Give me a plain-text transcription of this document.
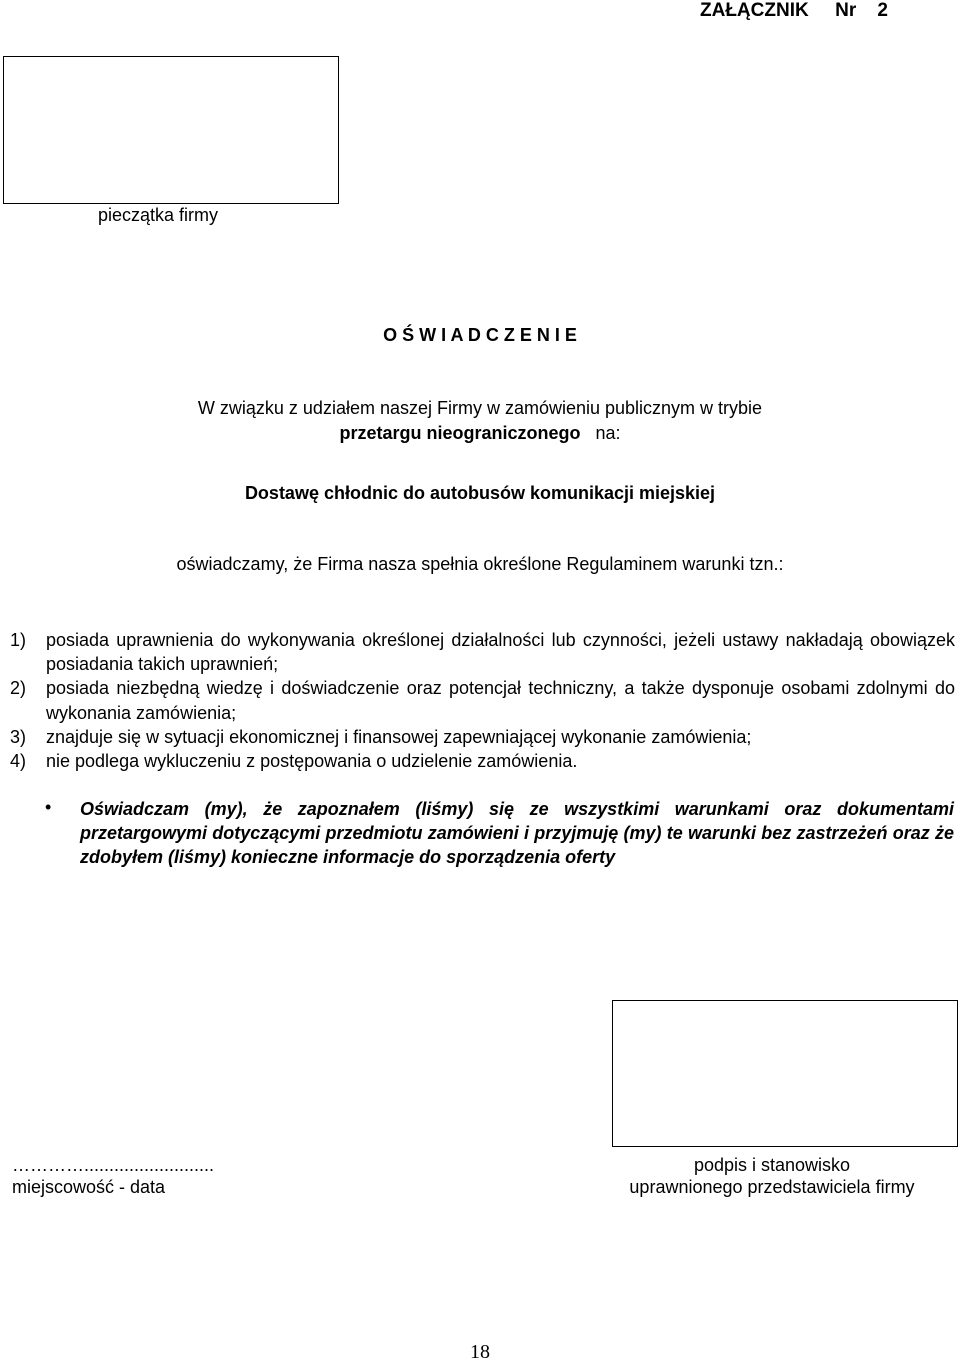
ZAŁĄCZNIK     Nr    2
pieczątka firmy
O Ś W I A D C Z E N I E
W związku z udziałem naszej Firmy w zamówieniu publicznym w trybie
przetargu nieograniczonego na:
Dostawę chłodnic do autobusów komunikacji miejskiej
oświadczamy, że Firma nasza spełnia określone Regulaminem warunki tzn.:
1) posiada uprawnienia do wykonywania określonej działalności lub czynności, jeżeli ustawy nakładają obowiązek posiadania takich uprawnień;
2) posiada niezbędną wiedzę i doświadczenie oraz potencjał techniczny, a także dysponuje osobami zdolnymi do wykonania zamówienia;
3) znajduje się w sytuacji ekonomicznej i finansowej zapewniającej wykonanie zamówienia;
4) nie podlega wykluczeniu z postępowania o udzielenie zamówienia.
• Oświadczam (my), że zapoznałem (liśmy) się ze wszystkimi warunkami oraz dokumentami przetargowymi dotyczącymi przedmiotu zamówieni i przyjmuję (my) te warunki bez zastrzeżeń oraz że zdobyłem (liśmy) konieczne informacje do sporządzenia oferty
…………..........................
miejscowość - data
podpis i stanowisko
uprawnionego przedstawiciela firmy
18
